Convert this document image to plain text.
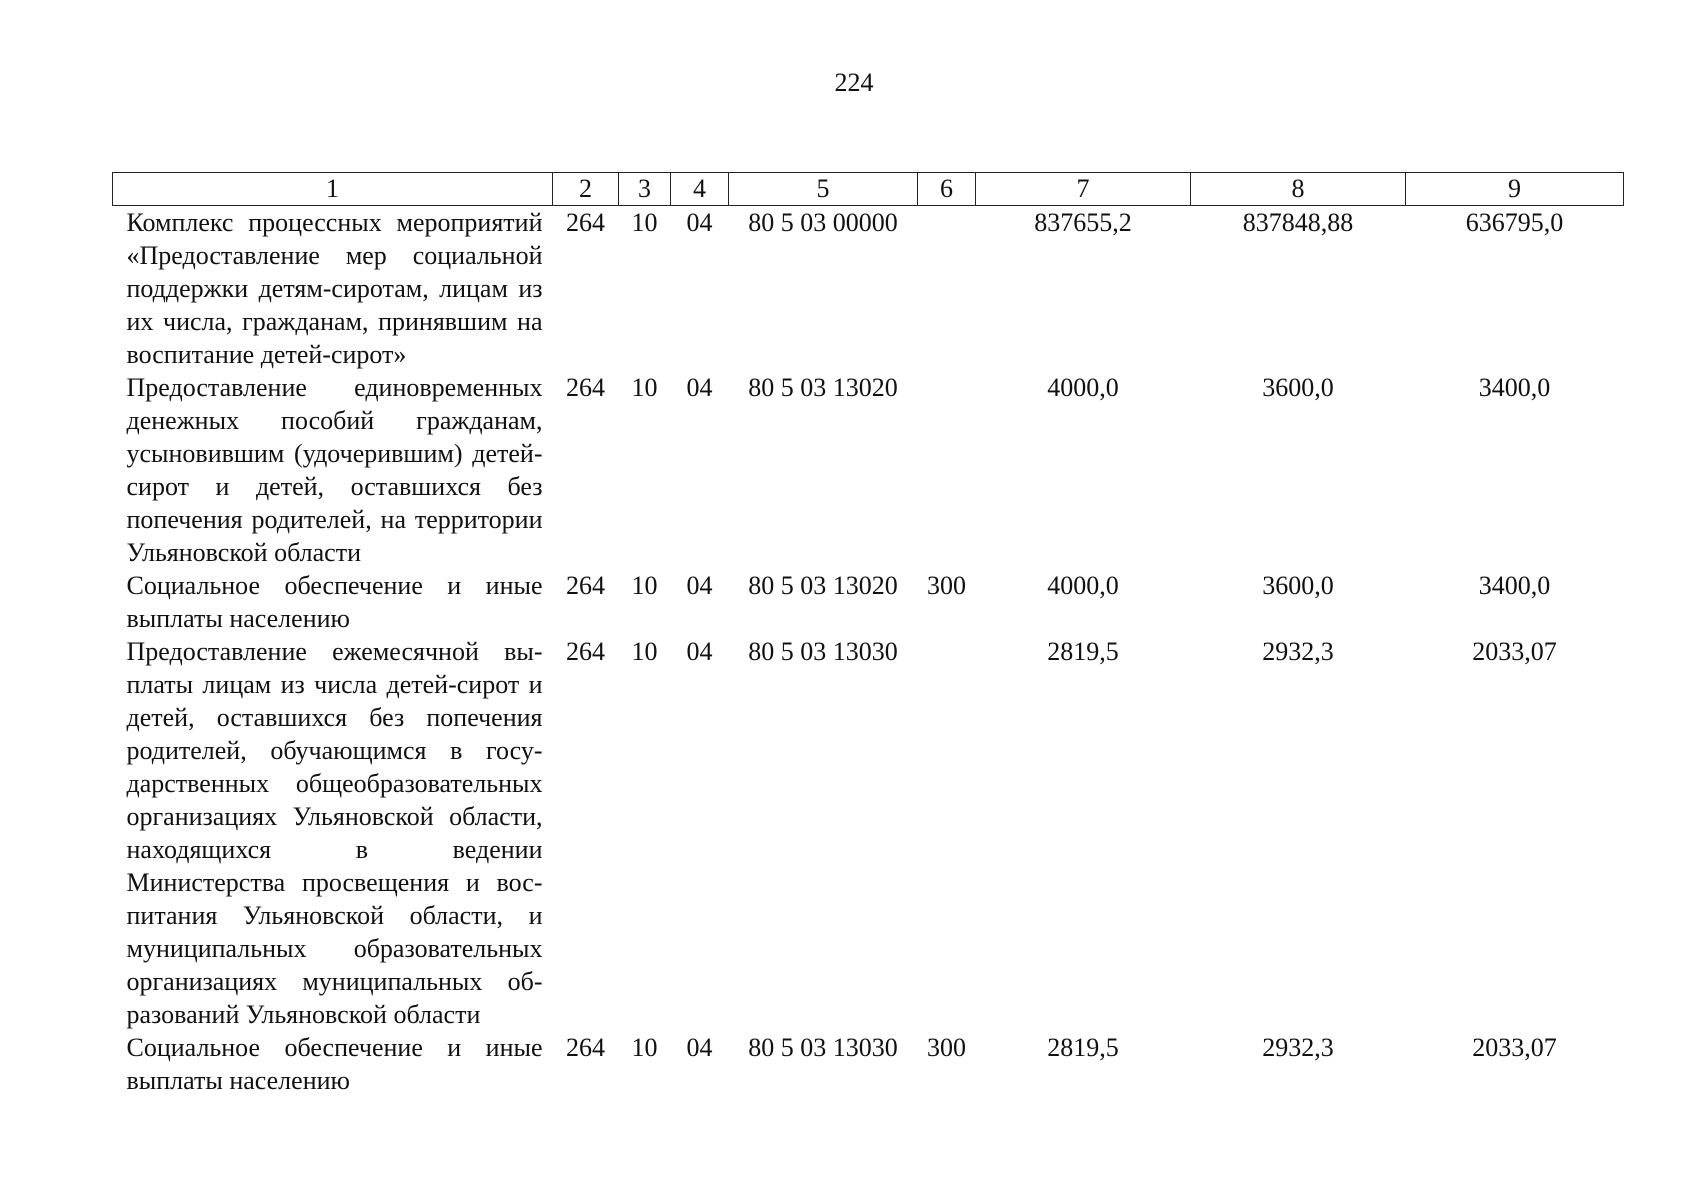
224
1	2	3	4	5	6	7	8	9
Комплекс процессных мероприятий «Предоставление мер социальной поддержки детям-сиротам, лицам из их числа, гражданам, принявшим на воспитание детей-сирот»	264	10	04	80 5 03 00000		837655,2	837848,88	636795,0
Предоставление единовременных денежных пособий гражданам, усыновившим (удочерившим) детей-сирот и детей, оставшихся без попечения родителей, на территории Ульяновской области	264	10	04	80 5 03 13020		4000,0	3600,0	3400,0
Социальное обеспечение и иные выплаты населению	264	10	04	80 5 03 13020	300	4000,0	3600,0	3400,0
Предоставление ежемесячной выплаты лицам из числа детей-сирот и детей, оставшихся без попечения родителей, обучающимся в государственных общеобразовательных организациях Ульяновской области, находящихся в ведении Министерства просвещения и воспитания Ульяновской области, и муниципальных образовательных организациях муниципальных образований Ульяновской области	264	10	04	80 5 03 13030		2819,5	2932,3	2033,07
Социальное обеспечение и иные выплаты населению	264	10	04	80 5 03 13030	300	2819,5	2932,3	2033,07
